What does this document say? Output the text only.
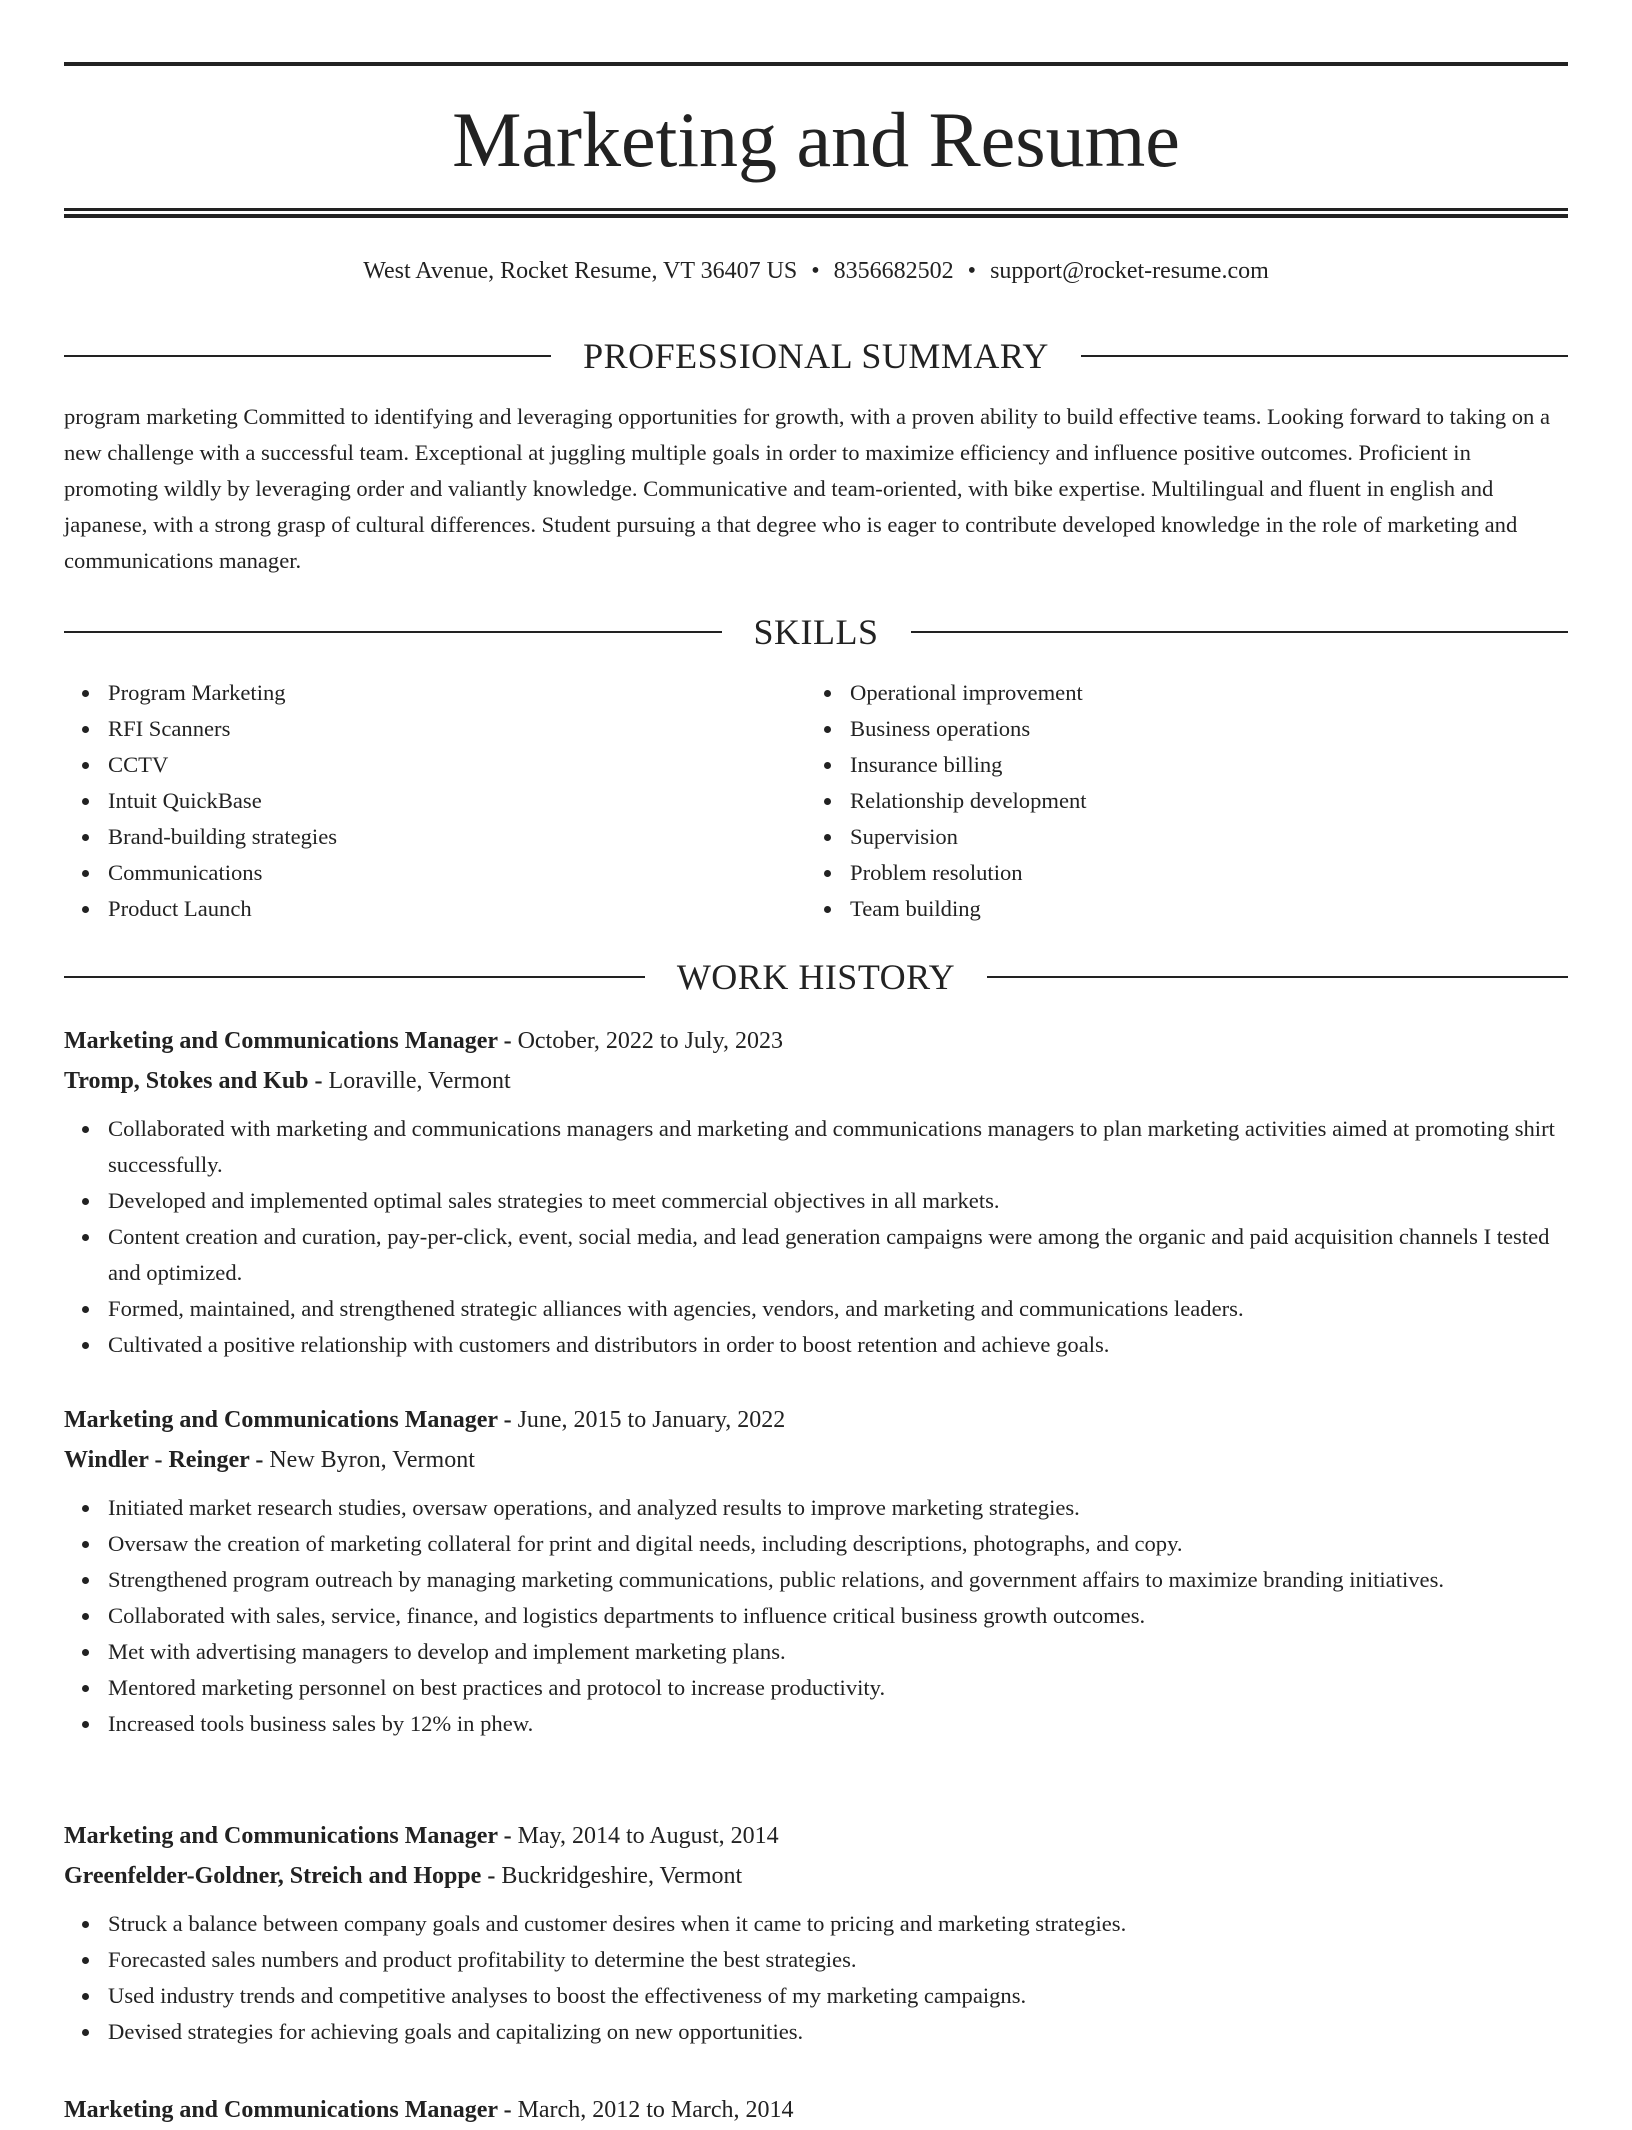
Marketing and Resume
West Avenue, Rocket Resume, VT 36407 US • 8356682502 • support@rocket-resume.com
PROFESSIONAL SUMMARY

program marketing Committed to identifying and leveraging opportunities for growth, with a proven ability to build effective teams. Looking forward to taking on a new challenge with a successful team. Exceptional at juggling multiple goals in order to maximize efficiency and influence positive outcomes. Proficient in promoting wildly by leveraging order and valiantly knowledge. Communicative and team-oriented, with bike expertise. Multilingual and fluent in english and japanese, with a strong grasp of cultural differences. Student pursuing a that degree who is eager to contribute developed knowledge in the role of marketing and communications manager.

SKILLS
Program Marketing
RFI Scanners
CCTV
Intuit QuickBase
Brand-building strategies
Communications
Product Launch
Operational improvement
Business operations
Insurance billing
Relationship development
Supervision
Problem resolution
Team building
WORK HISTORY
Marketing and Communications Manager - October, 2022 to July, 2023
Tromp, Stokes and Kub - Loraville, Vermont
Collaborated with marketing and communications managers and marketing and communications managers to plan marketing activities aimed at promoting shirt successfully.
Developed and implemented optimal sales strategies to meet commercial objectives in all markets.
Content creation and curation, pay-per-click, event, social media, and lead generation campaigns were among the organic and paid acquisition channels I tested and optimized.
Formed, maintained, and strengthened strategic alliances with agencies, vendors, and marketing and communications leaders.
Cultivated a positive relationship with customers and distributors in order to boost retention and achieve goals.
Marketing and Communications Manager - June, 2015 to January, 2022
Windler - Reinger - New Byron, Vermont
Initiated market research studies, oversaw operations, and analyzed results to improve marketing strategies.
Oversaw the creation of marketing collateral for print and digital needs, including descriptions, photographs, and copy.
Strengthened program outreach by managing marketing communications, public relations, and government affairs to maximize branding initiatives.
Collaborated with sales, service, finance, and logistics departments to influence critical business growth outcomes.
Met with advertising managers to develop and implement marketing plans.
Mentored marketing personnel on best practices and protocol to increase productivity.
Increased tools business sales by 12% in phew.
Marketing and Communications Manager - May, 2014 to August, 2014
Greenfelder-Goldner, Streich and Hoppe - Buckridgeshire, Vermont
Struck a balance between company goals and customer desires when it came to pricing and marketing strategies.
Forecasted sales numbers and product profitability to determine the best strategies.
Used industry trends and competitive analyses to boost the effectiveness of my marketing campaigns.
Devised strategies for achieving goals and capitalizing on new opportunities.
Marketing and Communications Manager - March, 2012 to March, 2014
